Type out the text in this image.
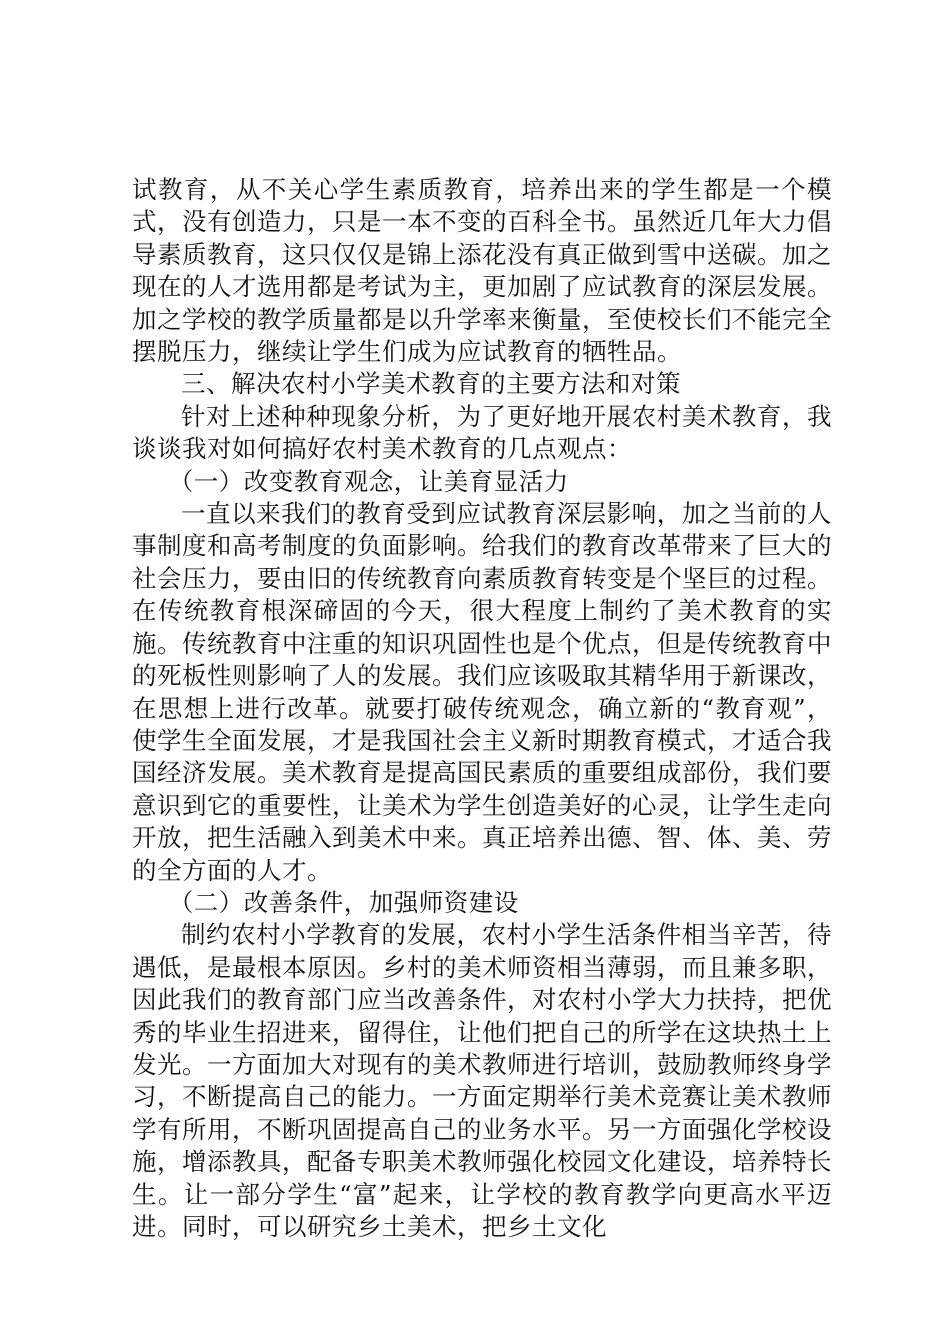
试教育，从不关心学生素质教育，培养出来的学生都是一个模式，没有创造力，只是一本不变的百科全书。虽然近几年大力倡导素质教育，这只仅仅是锦上添花没有真正做到雪中送碳。加之现在的人才选用都是考试为主，更加剧了应试教育的深层发展。加之学校的教学质量都是以升学率来衡量，至使校长们不能完全摆脱压力，继续让学生们成为应试教育的牺牲品。

三、解决农村小学美术教育的主要方法和对策

针对上述种种现象分析，为了更好地开展农村美术教育，我谈谈我对如何搞好农村美术教育的几点观点：

（一）改变教育观念，让美育显活力

一直以来我们的教育受到应试教育深层影响，加之当前的人事制度和高考制度的负面影响。给我们的教育改革带来了巨大的社会压力，要由旧的传统教育向素质教育转变是个坚巨的过程。在传统教育根深碲固的今天，很大程度上制约了美术教育的实施。传统教育中注重的知识巩固性也是个优点，但是传统教育中的死板性则影响了人的发展。我们应该吸取其精华用于新课改，在思想上进行改革。就要打破传统观念，确立新的“教育观”，使学生全面发展，才是我国社会主义新时期教育模式，才适合我国经济发展。美术教育是提高国民素质的重要组成部份，我们要意识到它的重要性，让美术为学生创造美好的心灵，让学生走向开放，把生活融入到美术中来。真正培养出德、智、体、美、劳的全方面的人才。

（二）改善条件，加强师资建设

制约农村小学教育的发展，农村小学生活条件相当辛苦，待遇低，是最根本原因。乡村的美术师资相当薄弱，而且兼多职，因此我们的教育部门应当改善条件，对农村小学大力扶持，把优秀的毕业生招进来，留得住，让他们把自己的所学在这块热土上发光。一方面加大对现有的美术教师进行培训，鼓励教师终身学习，不断提高自己的能力。一方面定期举行美术竞赛让美术教师学有所用，不断巩固提高自己的业务水平。另一方面强化学校设施，增添教具，配备专职美术教师强化校园文化建设，培养特长生。让一部分学生“富”起来，让学校的教育教学向更高水平迈进。同时，可以研究乡土美术，把乡土文化
